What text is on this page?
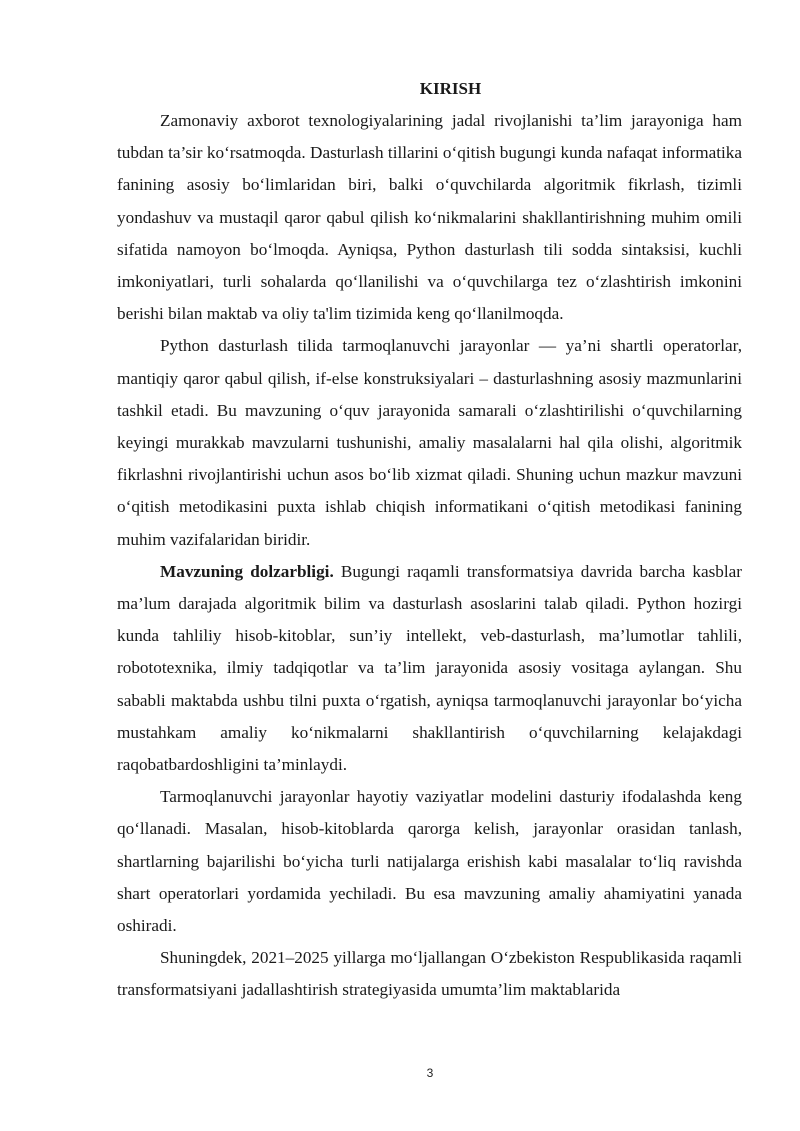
KIRISH

Zamonaviy axborot texnologiyalarining jadal rivojlanishi ta’lim jarayoniga ham tubdan ta’sir ko‘rsatmoqda. Dasturlash tillarini o‘qitish bugungi kunda nafaqat informatika fanining asosiy bo‘limlaridan biri, balki o‘quvchilarda algoritmik fikrlash, tizimli yondashuv va mustaqil qaror qabul qilish ko‘nikmalarini shakllantirishning muhim omili sifatida namoyon bo‘lmoqda. Ayniqsa, Python dasturlash tili sodda sintaksisi, kuchli imkoniyatlari, turli sohalarda qo‘llanilishi va o‘quvchilarga tez o‘zlashtirish imkonini berishi bilan maktab va oliy ta'lim tizimida keng qo‘llanilmoqda.

Python dasturlash tilida tarmoqlanuvchi jarayonlar — ya’ni shartli operatorlar, mantiqiy qaror qabul qilish, if-else konstruksiyalari – dasturlashning asosiy mazmunlarini tashkil etadi. Bu mavzuning o‘quv jarayonida samarali o‘zlashtirilishi o‘quvchilarning keyingi murakkab mavzularni tushunishi, amaliy masalalarni hal qila olishi, algoritmik fikrlashni rivojlantirishi uchun asos bo‘lib xizmat qiladi. Shuning uchun mazkur mavzuni o‘qitish metodikasini puxta ishlab chiqish informatikani o‘qitish metodikasi fanining muhim vazifalaridan biridir.

Mavzuning dolzarbligi. Bugungi raqamli transformatsiya davrida barcha kasblar ma’lum darajada algoritmik bilim va dasturlash asoslarini talab qiladi. Python hozirgi kunda tahliliy hisob-kitoblar, sun’iy intellekt, veb-dasturlash, ma’lumotlar tahlili, robototexnika, ilmiy tadqiqotlar va ta’lim jarayonida asosiy vositaga aylangan. Shu sababli maktabda ushbu tilni puxta o‘rgatish, ayniqsa tarmoqlanuvchi jarayonlar bo‘yicha mustahkam amaliy ko‘nikmalarni shakllantirish o‘quvchilarning kelajakdagi raqobatbardoshligini ta’minlaydi.

Tarmoqlanuvchi jarayonlar hayotiy vaziyatlar modelini dasturiy ifodalashda keng qo‘llanadi. Masalan, hisob-kitoblarda qarorga kelish, jarayonlar orasidan tanlash, shartlarning bajarilishi bo‘yicha turli natijalarga erishish kabi masalalar to‘liq ravishda shart operatorlari yordamida yechiladi. Bu esa mavzuning amaliy ahamiyatini yanada oshiradi.

Shuningdek, 2021–2025 yillarga mo‘ljallangan O‘zbekiston Respublikasida raqamli transformatsiyani jadallashtirish strategiyasida umumta’lim maktablarida

3
